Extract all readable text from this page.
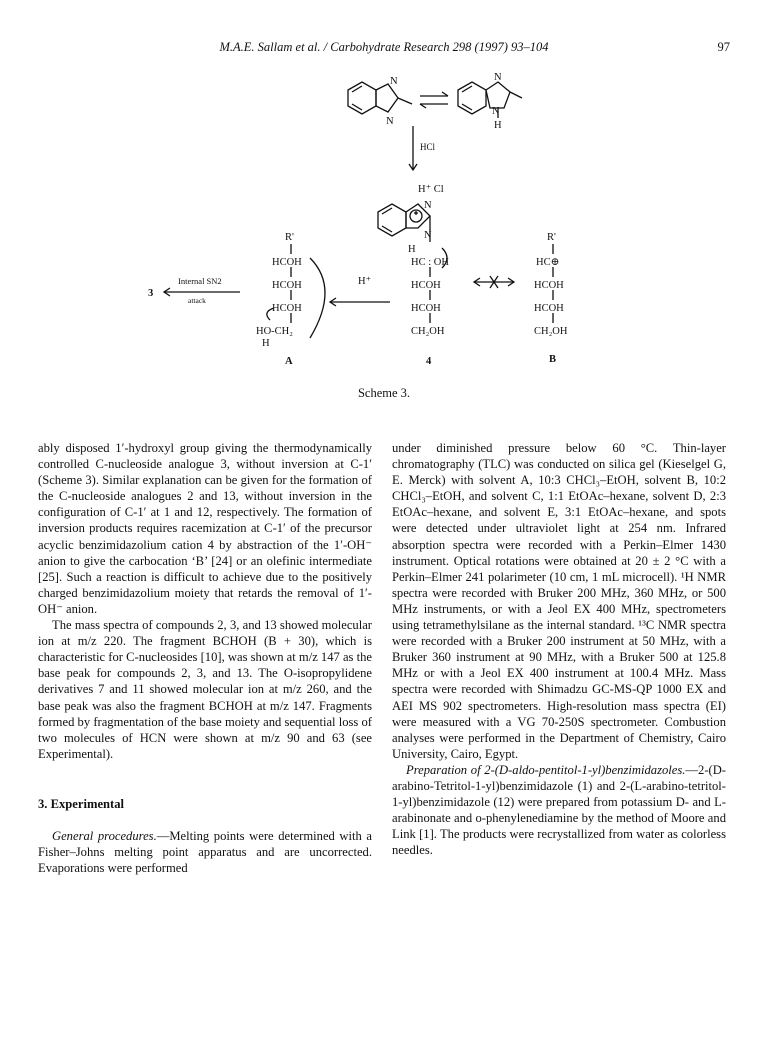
M.A.E. Sallam et al. / Carbohydrate Research 298 (1997) 93–104	97
N
N
N
N
H
HCl
H⁺ Cl
N
N
H
R'
HCOH
HCOH
HCOH
HO-CH₂
H
A
Internal SN2
attack
3
H⁺
HC : OH
HCOH
HCOH
CH₂OH
4
R'
HC⊕
HCOH
HCOH
CH₂OH
B
Scheme 3.

ably disposed 1′-hydroxyl group giving the thermodynamically controlled C-nucleoside analogue 3, without inversion at C-1′ (Scheme 3). Similar explanation can be given for the formation of the C-nucleoside analogues 2 and 13, without inversion in the configuration of C-1′ at 1 and 12, respectively. The formation of inversion products requires racemization at C-1′ of the precursor acyclic benzimidazolium cation 4 by abstraction of the 1′-OH⁻ anion to give the carbocation ‘B’ [24] or an olefinic intermediate [25]. Such a reaction is difficult to achieve due to the positively charged benzimidazolium moiety that retards the removal of 1′-OH⁻ anion.

The mass spectra of compounds 2, 3, and 13 showed molecular ion at m/z 220. The fragment BCHOH (B + 30), which is characteristic for C-nucleosides [10], was shown at m/z 147 as the base peak for compounds 2, 3, and 13. The O-isopropylidene derivatives 7 and 11 showed molecular ion at m/z 260, and the base peak was also the fragment BCHOH at m/z 147. Fragments formed by fragmentation of the base moiety and sequential loss of two molecules of HCN were shown at m/z 90 and 63 (see Experimental).

3. Experimental

General procedures.—Melting points were determined with a Fisher–Johns melting point apparatus and are uncorrected. Evaporations were performed

under diminished pressure below 60 °C. Thin-layer chromatography (TLC) was conducted on silica gel (Kieselgel G, E. Merck) with solvent A, 10:3 CHCl₃–EtOH, solvent B, 10:2 CHCl₃–EtOH, and solvent C, 1:1 EtOAc–hexane, solvent D, 2:3 EtOAc–hexane, and solvent E, 3:1 EtOAc–hexane, and spots were detected under ultraviolet light at 254 nm. Infrared absorption spectra were recorded with a Perkin–Elmer 1430 instrument. Optical rotations were obtained at 20 ± 2 °C with a Perkin–Elmer 241 polarimeter (10 cm, 1 mL microcell). ¹H NMR spectra were recorded with Bruker 200 MHz, 360 MHz, or 500 MHz instruments, or with a Jeol EX 400 MHz, spectrometers using tetramethylsilane as the internal standard. ¹³C NMR spectra were recorded with a Bruker 200 instrument at 50 MHz, with a Bruker 360 instrument at 90 MHz, with a Bruker 500 at 125.8 MHz or with a Jeol EX 400 instrument at 100.4 MHz. Mass spectra were recorded with Shimadzu GC-MS-QP 1000 EX and AEI MS 902 spectrometers. High-resolution mass spectra (EI) were measured with a VG 70-250S spectrometer. Combustion analyses were performed in the Department of Chemistry, Cairo University, Cairo, Egypt.

Preparation of 2-(D-aldo-pentitol-1-yl)benzimidazoles.—2-(D-arabino-Tetritol-1-yl)benzimidazole (1) and 2-(L-arabino-tetritol-1-yl)benzimidazole (12) were prepared from potassium D- and L-arabinonate and o-phenylenediamine by the method of Moore and Link [1]. The products were recrystallized from water as colorless needles.
